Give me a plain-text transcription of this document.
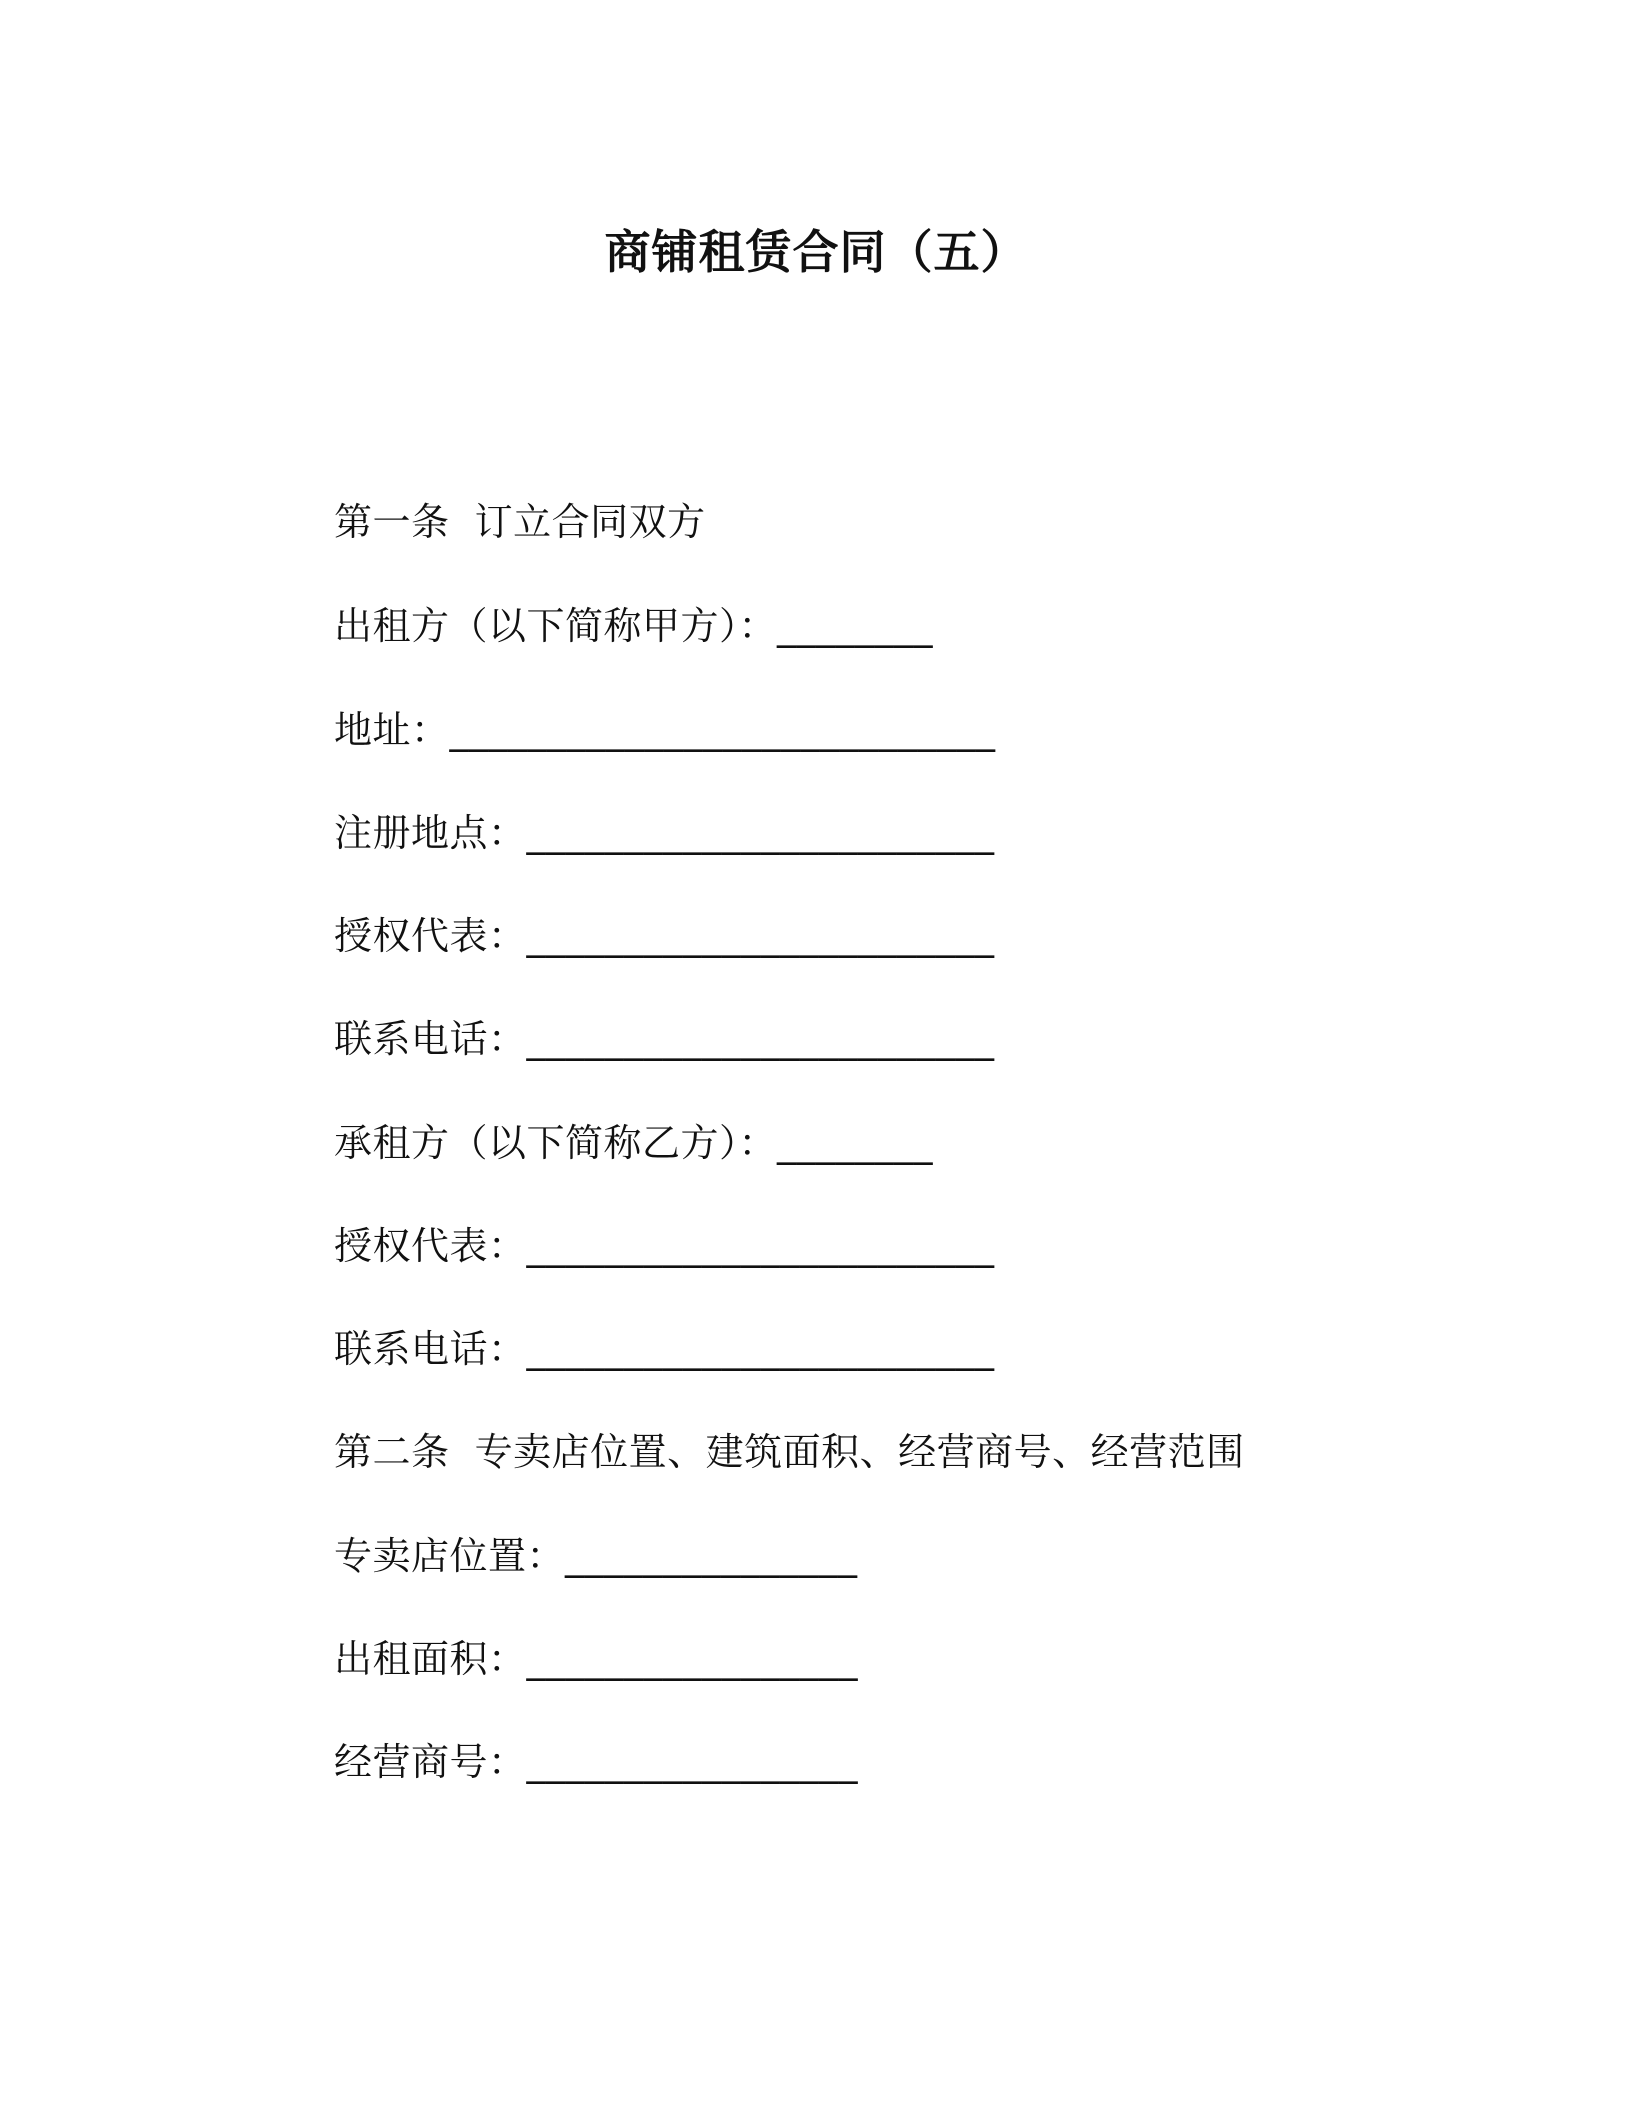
商铺租赁合同（五）
第一条  订立合同双方
出租方（以下简称甲方）：________
地址：____________________________
注册地点：________________________
授权代表：________________________
联系电话：________________________
承租方（以下简称乙方）：________
授权代表：________________________
联系电话：________________________
第二条  专卖店位置、建筑面积、经营商号、经营范围
专卖店位置：_______________
出租面积：_________________
经营商号：_________________
